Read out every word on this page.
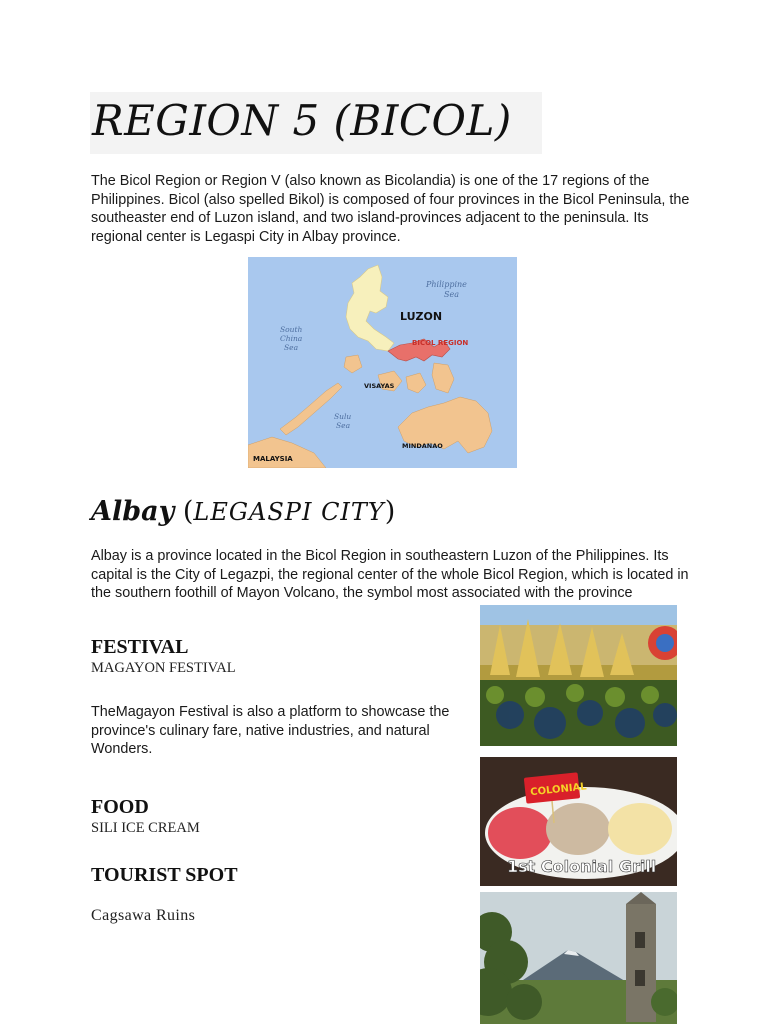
REGION 5 (BICOL)

The Bicol Region or Region V (also known as Bicolandia) is one of the 17 regions of the Philippines. Bicol (also spelled Bikol) is composed of four provinces in the Bicol Peninsula, the southeaster end of Luzon island, and two island-provinces adjacent to the peninsula. Its regional center is Legaspi City in Albay province.

Philippine
Sea
LUZON
BICOL REGION
South
China
Sea
VISAYAS
Sulu
Sea
MINDANAO
MALAYSIA
Albay (LEGASPI CITY)

Albay is a province located in the Bicol Region in southeastern Luzon of the Philippines. Its capital is the City of Legazpi, the regional center of the whole Bicol Region, which is located in the southern foothill of Mayon Volcano, the symbol most associated with the province

FESTIVAL

MAGAYON FESTIVAL

TheMagayon Festival is also a platform to showcase the province's culinary fare, native industries, and natural Wonders.

FOOD

SILI ICE CREAM

COLONIAL
1st Colonial Grill
TOURIST SPOT

Cagsawa Ruins
